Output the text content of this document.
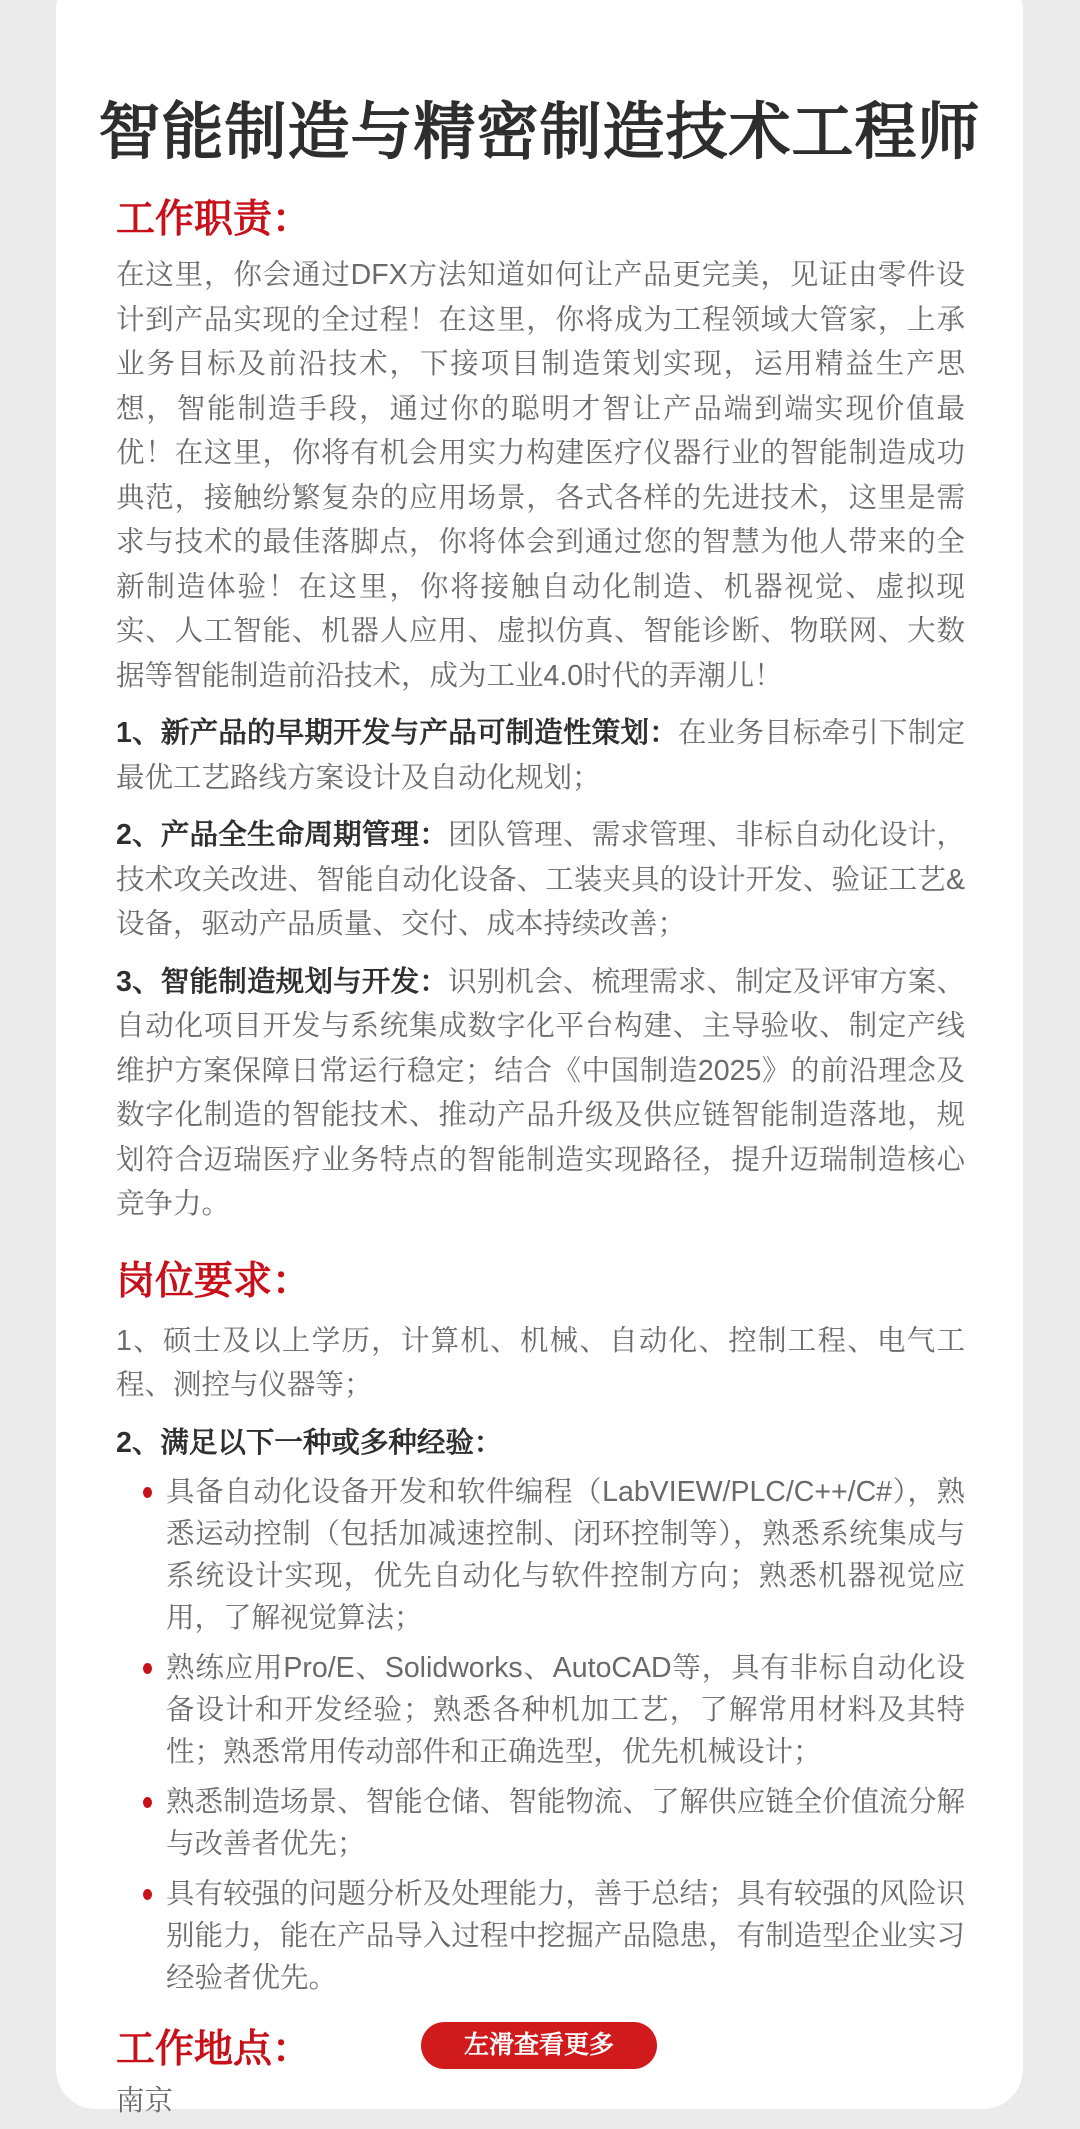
智能制造与精密制造技术工程师
工作职责：

在这里，你会通过DFX方法知道如何让产品更完美，见证由零件设计到产品实现的全过程！在这里，你将成为工程领域大管家，上承业务目标及前沿技术，下接项目制造策划实现，运用精益生产思想，智能制造手段，通过你的聪明才智让产品端到端实现价值最优！在这里，你将有机会用实力构建医疗仪器行业的智能制造成功典范，接触纷繁复杂的应用场景，各式各样的先进技术，这里是需求与技术的最佳落脚点，你将体会到通过您的智慧为他人带来的全新制造体验！在这里，你将接触自动化制造、机器视觉、虚拟现实、人工智能、机器人应用、虚拟仿真、智能诊断、物联网、大数据等智能制造前沿技术，成为工业4.0时代的弄潮儿！

1、新产品的早期开发与产品可制造性策划：在业务目标牵引下制定最优工艺路线方案设计及自动化规划；

2、产品全生命周期管理：团队管理、需求管理、非标自动化设计，技术攻关改进、智能自动化设备、工装夹具的设计开发、验证工艺&设备，驱动产品质量、交付、成本持续改善；

3、智能制造规划与开发：识别机会、梳理需求、制定及评审方案、自动化项目开发与系统集成数字化平台构建、主导验收、制定产线维护方案保障日常运行稳定；结合《中国制造2025》的前沿理念及数字化制造的智能技术、推动产品升级及供应链智能制造落地，规划符合迈瑞医疗业务特点的智能制造实现路径，提升迈瑞制造核心竞争力。

岗位要求：

1、硕士及以上学历，计算机、机械、自动化、控制工程、电气工程、测控与仪器等；

2、满足以下一种或多种经验：

具备自动化设备开发和软件编程（LabVIEW/PLC/C++/C#），熟悉运动控制（包括加减速控制、闭环控制等），熟悉系统集成与系统设计实现，优先自动化与软件控制方向；熟悉机器视觉应用，了解视觉算法；
熟练应用Pro/E、Solidworks、AutoCAD等，具有非标自动化设备设计和开发经验；熟悉各种机加工艺，了解常用材料及其特性；熟悉常用传动部件和正确选型，优先机械设计；
熟悉制造场景、智能仓储、智能物流、了解供应链全价值流分解与改善者优先；
具有较强的问题分析及处理能力，善于总结；具有较强的风险识别能力，能在产品导入过程中挖掘产品隐患，有制造型企业实习经验者优先。
工作地点：

南京

左滑查看更多
